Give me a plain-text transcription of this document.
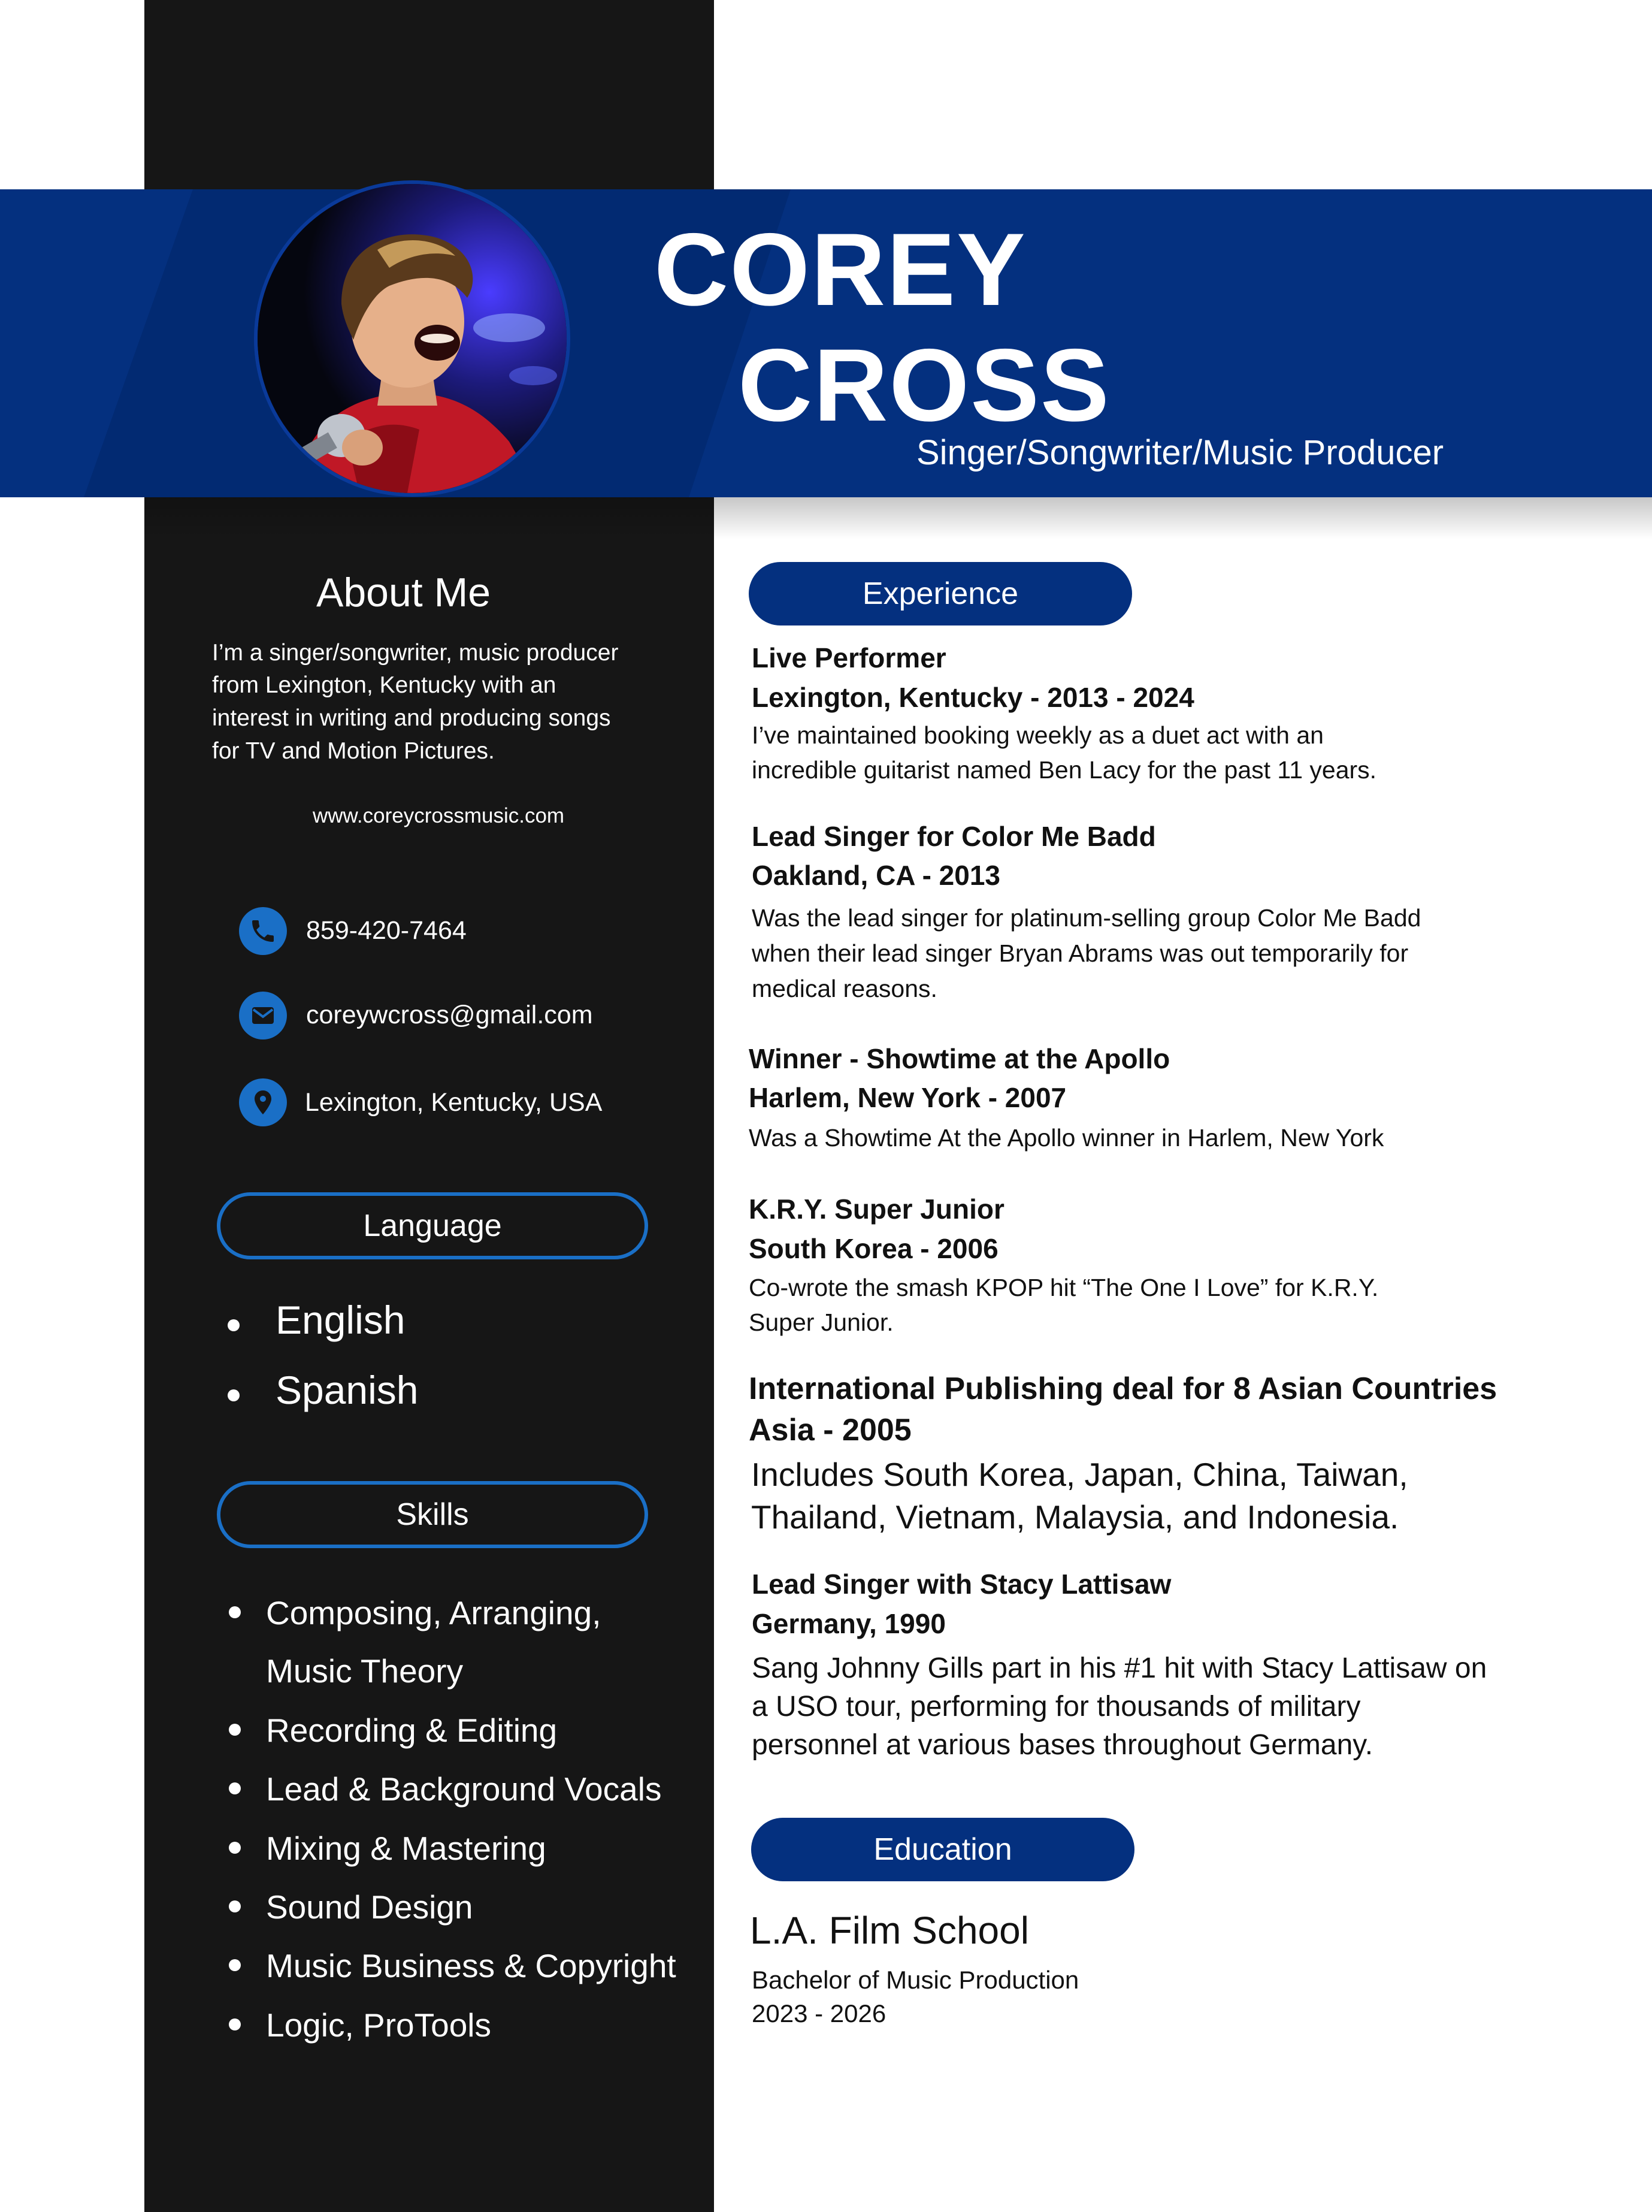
COREY
CROSS
Singer/Songwriter/Music Producer
About Me
I’m a singer/songwriter, music producer
from Lexington, Kentucky with an
interest in writing and producing songs
for TV and Motion Pictures.
www.coreycrossmusic.com
859-420-7464
coreywcross@gmail.com
Lexington, Kentucky, USA
Language
English
Spanish
Skills
Composing, Arranging,
Music Theory
Recording & Editing
Lead & Background Vocals
Mixing & Mastering
Sound Design
Music Business & Copyright
Logic, ProTools
Experience
Live Performer
Lexington, Kentucky - 2013 - 2024
I’ve maintained booking weekly as a duet act with an
incredible guitarist named Ben Lacy for the past 11 years.
Lead Singer for Color Me Badd
Oakland, CA - 2013
Was the lead singer for platinum-selling group Color Me Badd
when their lead singer Bryan Abrams was out temporarily for
medical reasons.
Winner - Showtime at the Apollo
Harlem, New York - 2007
Was a Showtime At the Apollo winner in Harlem, New York
K.R.Y. Super Junior
South Korea - 2006
Co-wrote the smash KPOP hit “The One I Love” for K.R.Y.
Super Junior.
International Publishing deal for 8 Asian Countries
Asia - 2005
Includes South Korea, Japan, China, Taiwan,
Thailand, Vietnam, Malaysia, and Indonesia.
Lead Singer with Stacy Lattisaw
Germany, 1990
Sang Johnny Gills part in his #1 hit with Stacy Lattisaw on
a USO tour, performing for thousands of military
personnel at various bases throughout Germany.
Education
L.A. Film School
Bachelor of Music Production
2023 - 2026
